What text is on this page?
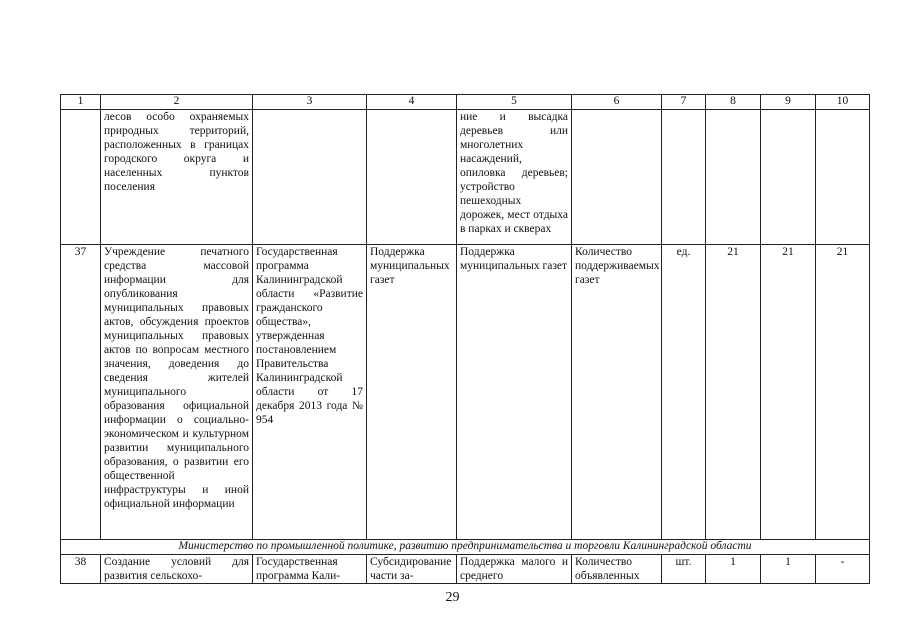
1	2	3	4	5	6	7	8	9	10
	лесов особо охраняемых природных территорий, расположенных в границах городского округа и населенных пунктов поселения			ние и высадка деревьев или многолетних насаждений, опиловка деревьев; устройство пешеходных дорожек, мест отдыха в парках и скверах					
37	Учреждение печатного средства массовой информации для опубликования муниципальных правовых актов, обсуждения проектов муниципальных правовых актов по вопросам местного значения, доведения до сведения жителей муниципального образования официальной информации о социально-экономическом и культурном развитии муниципального образования, о развитии его общественной инфраструктуры и иной официальной информации	Государственная программа Калининградской области «Развитие гражданского общества», утвержденная постановлением Правительства Калининградской области от 17 декабря 2013 года № 954	Поддержка муниципальных газет	Поддержка муниципальных газет	Количество поддерживаемых газет	ед.	21	21	21
Министерство по промышленной политике, развитию предпринимательства и торговли Калининградской области									
38	Создание условий для развития сельскохо-	Государственная программа Кали-	Субсидирование части за-	Поддержка малого и среднего	Количество объявленных	шт.	1	1	-
29
